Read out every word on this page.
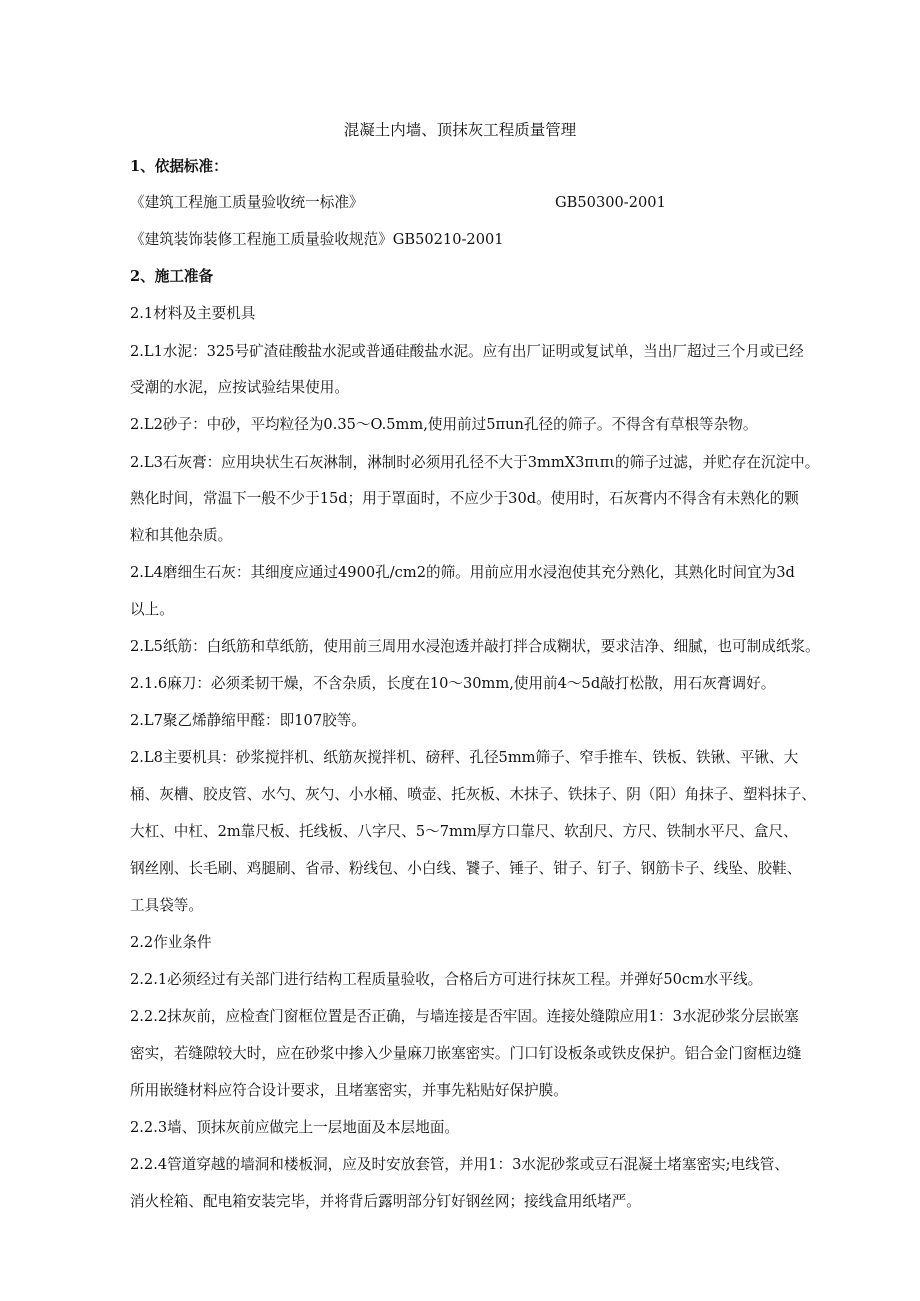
混凝土内墙、顶抹灰工程质量管理
1、依据标准：
《建筑工程施工质量验收统一标准》	GB50300-2001
《建筑装饰装修工程施工质量验收规范》GB50210-2001
2、施工准备
2.1材料及主要机具
2.L1水泥：325号矿渣硅酸盐水泥或普通硅酸盐水泥。应有出厂证明或复试单，当出厂超过三个月或已经
受潮的水泥，应按试验结果使用。
2.L2砂子：中砂，平均粒径为0.35～O.5mm,使用前过5πun孔径的筛子。不得含有草根等杂物。
2.L3石灰膏：应用块状生石灰淋制，淋制时必须用孔径不大于3mmX3πιπι的筛子过滤，并贮存在沉淀中。
熟化时间，常温下一般不少于15d；用于罩面时，不应少于30d。使用时，石灰膏内不得含有未熟化的颗
粒和其他杂质。
2.L4磨细生石灰：其细度应通过4900孔/cm2的筛。用前应用水浸泡使其充分熟化，其熟化时间宜为3d
以上。
2.L5纸筋：白纸筋和草纸筋，使用前三周用水浸泡透并敲打拌合成糊状，要求洁净、细腻，也可制成纸浆。
2.1.6麻刀：必须柔韧干燥，不含杂质，长度在10～30mm,使用前4～5d敲打松散，用石灰膏调好。
2.L7聚乙烯静缩甲醛：即107胶等。
2.L8主要机具：砂浆搅拌机、纸筋灰搅拌机、磅秤、孔径5mm筛子、窄手推车、铁板、铁锹、平锹、大
桶、灰槽、胶皮管、水勺、灰勺、小水桶、喷壶、托灰板、木抹子、铁抹子、阴（阳）角抹子、塑料抹子、
大杠、中杠、2m靠尺板、托线板、八字尺、5～7mm厚方口靠尺、软刮尺、方尺、铁制水平尺、盒尺、
钢丝刚、长毛刷、鸡腿刷、省帚、粉线包、小白线、饕子、锤子、钳子、钉子、钢筋卡子、线坠、胶鞋、
工具袋等。
2.2作业条件
2.2.1必须经过有关部门进行结构工程质量验收，合格后方可进行抹灰工程。并弹好50cm水平线。
2.2.2抹灰前，应检查门窗框位置是否正确，与墙连接是否牢固。连接处缝隙应用1：3水泥砂浆分层嵌塞
密实，若缝隙较大时，应在砂浆中掺入少量麻刀嵌塞密实。门口钉设板条或铁皮保护。铝合金门窗框边缝
所用嵌缝材料应符合设计要求，且堵塞密实，并事先粘贴好保护膜。
2.2.3墙、顶抹灰前应做完上一层地面及本层地面。
2.2.4管道穿越的墙洞和楼板洞，应及时安放套管，并用1：3水泥砂浆或豆石混凝土堵塞密实;电线管、
消火栓箱、配电箱安装完毕，并将背后露明部分钉好钢丝网；接线盒用纸堵严。
